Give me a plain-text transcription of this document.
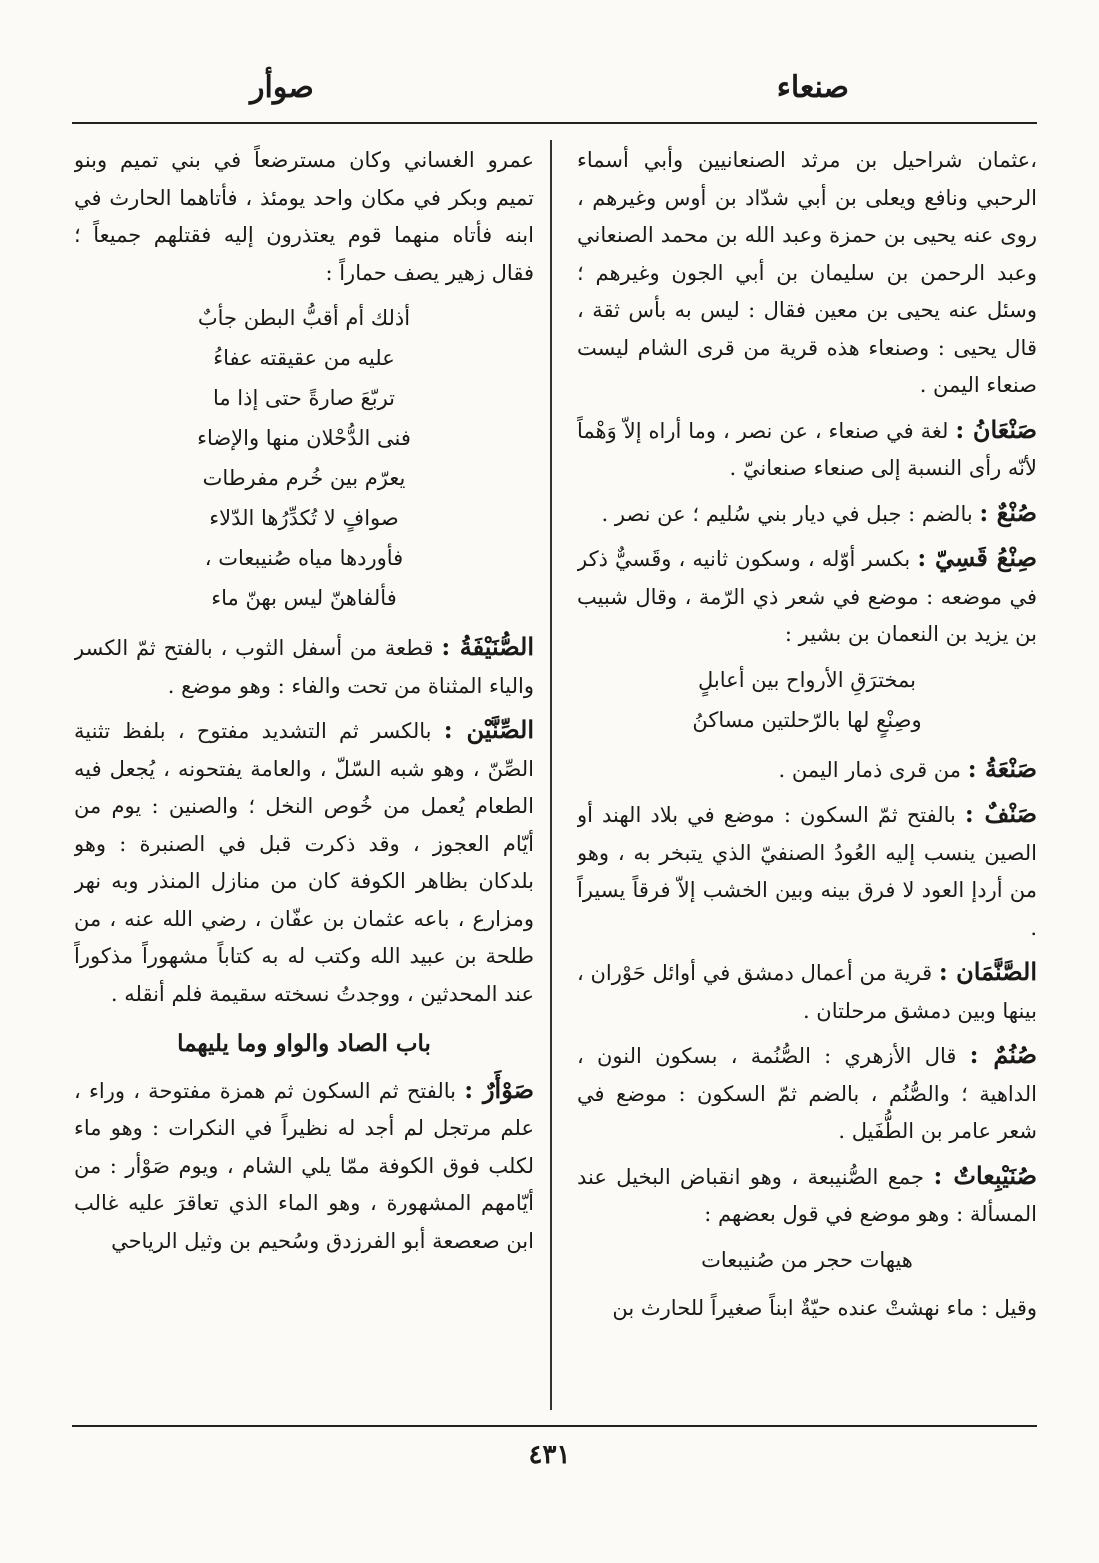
صنعاء
صوأر

،عثمان شراحيل بن مرثد الصنعانيين وأبي أسماء الرحبي ونافع ويعلى بن أبي شدّاد بن أوس وغيرهم ، روى عنه يحيى بن حمزة وعبد الله بن محمد الصنعاني وعبد الرحمن بن سليمان بن أبي الجون وغيرهم ؛ وسئل عنه يحيى بن معين فقال : ليس به بأس ثقة ، قال يحيى : وصنعاء هذه قرية من قرى الشام ليست صنعاء اليمن .

صَنْعَانُ : لغة في صنعاء ، عن نصر ، وما أراه إلاّ وَهْماً لأنّه رأى النسبة إلى صنعاء صنعانيّ .

صُنْعٌ : بالضم : جبل في ديار بني سُليم ؛ عن نصر .

صِنْعُ قَسِيّ : بكسر أوّله ، وسكون ثانيه ، وقَسيٌّ ذكر في موضعه : موضع في شعر ذي الرّمة ، وقال شبيب بن يزيد بن النعمان بن بشير :

بمخترَقِ الأرواح بين أعابلٍ
وصِنْعٍ لها بالرّحلتين مساكنُ

صَنْعَةُ : من قرى ذمار اليمن .

صَنْفٌ : بالفتح ثمّ السكون : موضع في بلاد الهند أو الصين ينسب إليه العُودُ الصنفيّ الذي يتبخر به ، وهو من أردإ العود لا فرق بينه وبين الخشب إلاّ فرقاً يسيراً .

الصَّنَّمَان : قرية من أعمال دمشق في أوائل حَوْران ، بينها وبين دمشق مرحلتان .

صُنُمٌ : قال الأزهري : الصُّنُمة ، بسكون النون ، الداهية ؛ والصُّنُم ، بالضم ثمّ السكون : موضع في شعر عامر بن الطُّفَيل .

صُنَيْبِعاتٌ : جمع الصُّنيبعة ، وهو انقباض البخيل عند المسألة : وهو موضع في قول بعضهم :

هيهات حجر من صُنيبعات

وقيل : ماء نهشتْ عنده حيّةٌ ابناً صغيراً للحارث بن

عمرو الغساني وكان مسترضعاً في بني تميم وبنو تميم وبكر في مكان واحد يومئذ ، فأتاهما الحارث في ابنه فأتاه منهما قوم يعتذرون إليه فقتلهم جميعاً ؛ فقال زهير يصف حماراً :

أذلك أم أقبُّ البطن جأبٌ
عليه من عقيقته عفاءُ
تربّعَ صارةً حتى إذا ما
فنى الدُّحْلان منها والإضاء
يعرّم بين خُرم مفرطات
صوافٍ لا تُكدِّرُها الدّلاء
فأوردها مياه صُنيبعات ،
فألفاهنّ ليس بهنّ ماء

الصُّنَيْفَةُ : قطعة من أسفل الثوب ، بالفتح ثمّ الكسر والياء المثناة من تحت والفاء : وهو موضع .

الصِّنَّيْن : بالكسر ثم التشديد مفتوح ، بلفظ تثنية الصِّنّ ، وهو شبه السّلّ ، والعامة يفتحونه ، يُجعل فيه الطعام يُعمل من خُوص النخل ؛ والصنين : يوم من أيّام العجوز ، وقد ذكرت قبل في الصنبرة : وهو بلدكان بظاهر الكوفة كان من منازل المنذر وبه نهر ومزارع ، باعه عثمان بن عفّان ، رضي الله عنه ، من طلحة بن عبيد الله وكتب له به كتاباً مشهوراً مذكوراً عند المحدثين ، ووجدتُ نسخته سقيمة فلم أنقله .

باب الصاد والواو وما يليهما

صَوْأَرٌ : بالفتح ثم السكون ثم همزة مفتوحة ، وراء ، علم مرتجل لم أجد له نظيراً في النكرات : وهو ماء لكلب فوق الكوفة ممّا يلي الشام ، ويوم صَوْأر : من أيّامهم المشهورة ، وهو الماء الذي تعاقرَ عليه غالب ابن صعصعة أبو الفرزدق وسُحيم بن وثيل الرياحي

٤٣١
